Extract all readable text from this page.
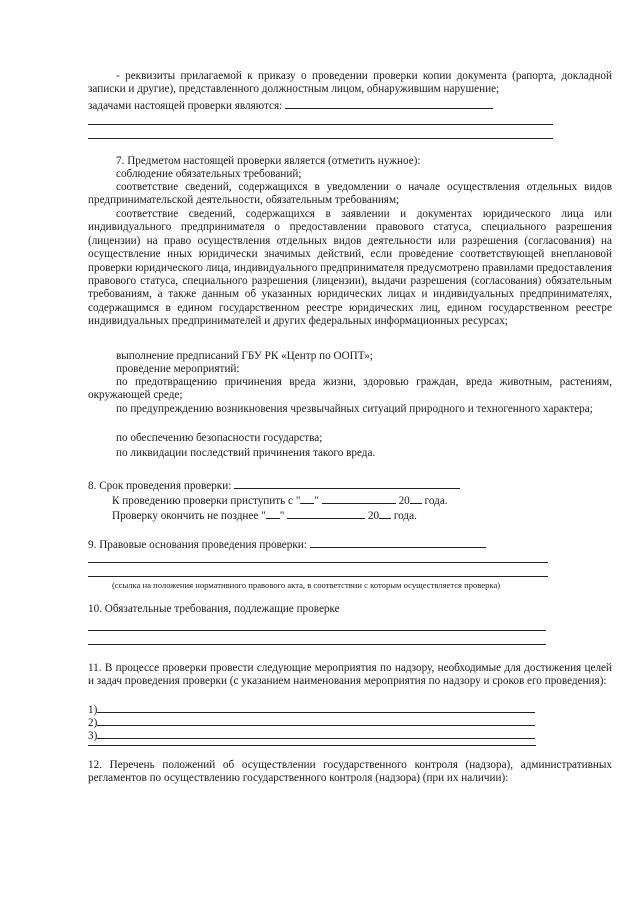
- реквизиты прилагаемой к приказу о проведении проверки копии документа (рапорта, докладной записки и другие), представленного должностным лицом, обнаружившим нарушение;
задачами настоящей проверки являются:
7. Предметом настоящей проверки является (отметить нужное):
соблюдение обязательных требований;
соответствие сведений, содержащихся в уведомлении о начале осуществления отдельных видов предпринимательской деятельности, обязательным требованиям;
соответствие сведений, содержащихся в заявлении и документах юридического лица или индивидуального предпринимателя о предоставлении правового статуса, специального разрешения (лицензии) на право осуществления отдельных видов деятельности или разрешения (согласования) на осуществление иных юридически значимых действий, если проведение соответствующей внеплановой проверки юридического лица, индивидуального предпринимателя предусмотрено правилами предоставления правового статуса, специального разрешения (лицензии), выдачи разрешения (согласования) обязательным требованиям, а также данным об указанных юридических лицах и индивидуальных предпринимателях, содержащимся в едином государственном реестре юридических лиц, едином государственном реестре индивидуальных предпринимателей и других федеральных информационных ресурсах;
выполнение предписаний ГБУ РК «Центр по ООПТ»;
проведение мероприятий:
по предотвращению причинения вреда жизни, здоровью граждан, вреда животным, растениям, окружающей среде;
по предупреждению возникновения чрезвычайных ситуаций природного и техногенного характера;
по обеспечению безопасности государства;
по ликвидации последствий причинения такого вреда.
8. Срок проведения проверки:
К проведению проверки приступить с " "	20 года.
Проверку окончить не позднее " "	20 года.
9. Правовые основания проведения проверки:
(ссылка на положения нормативного правового акта, в соответствии с которым осуществляется проверка)
10. Обязательные требования, подлежащие проверке
11. В процессе проверки провести следующие мероприятия по надзору, необходимые для достижения целей и задач проведения проверки (с указанием наименования мероприятия по надзору и сроков его проведения):
1)
2)
3)
12. Перечень положений об осуществлении государственного контроля (надзора), административных регламентов по осуществлению государственного контроля (надзора) (при их наличии):
